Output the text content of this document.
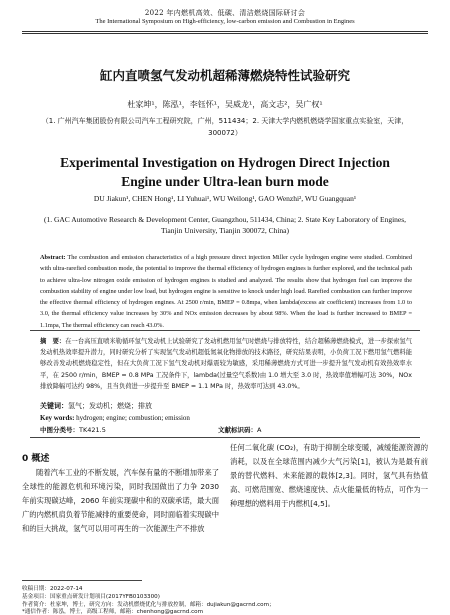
2022 年内燃机高效、低碳、清洁燃烧国际研讨会
The International Symposium on High-efficiency, low-carbon emission and Combustion in Engines
缸内直喷氢气发动机超稀薄燃烧特性试验研究
杜家坤¹，陈泓¹，李钰怀¹，吴威龙¹，高文志²，吴广权¹
（1. 广州汽车集团股份有限公司汽车工程研究院，广州，511434；2. 天津大学内燃机燃烧学国家重点实验室，天津，300072）
Experimental Investigation on Hydrogen Direct Injection Engine under Ultra-lean burn mode
DU Jiakun¹, CHEN Hong¹, LI Yuhuai¹, WU Weilong¹, GAO Wenzhi², WU Guangquan¹
(1. GAC Automotive Research & Development Center, Guangzhou, 511434, China; 2. State Key Laboratory of Engines, Tianjin University, Tianjin 300072, China)
Abstract: The combustion and emission characteristics of a high pressure direct injection Miller cycle hydrogen engine were studied. Combined with ultra-rarefied combustion mode, the potential to improve the thermal efficiency of hydrogen engines is further explored, and the technical path to achieve ultra-low nitrogen oxide emission of hydrogen engines is studied and analyzed. The results show that hydrogen fuel can improve the combustion stability of engine under low load, but hydrogen engine is sensitive to knock under high load. Rarefied combustion can further improve the effective thermal efficiency of hydrogen engines. At 2500 r/min, BMEP = 0.8mpa, when lambda(excess air coefficient) increases from 1.0 to 3.0, the thermal efficiency value increases by 30% and NOx emission decreases by about 98%. When the load is further increased to BMEP = 1.1mpa, The thermal efficiency can reach 43.0%.
摘　要：在一台高压直喷米勒循环氢气发动机上试验研究了发动机燃用氢气时燃烧与排放特性，结合超稀薄燃烧模式，进一步探索氢气发动机热效率提升潜力，同时研究分析了实现氢气发动机超低氮氧化物排放的技术路径，研究结果表明，小负荷工况下燃用氢气燃料能够改善发动机燃烧稳定性，但在大负荷工况下氢气发动机对爆震较为敏感，采用稀薄燃烧方式可进一步提升氢气发动机有效热效率水平，在 2500 r/min，BMEP = 0.8 MPa 工况条件下，lambda(过量空气系数)由 1.0 增大至 3.0 时，热效率值增幅可达 30%，NOx 排放降幅可达约 98%，且当负荷进一步提升至 BMEP = 1.1 MPa 时，热效率可达到 43.0%。
关键词：氢气；发动机；燃烧；排放
Key words: hydrogen; engine; combustion; emission
中图分类号：TK421.5	文献标识码：A
0 概述
随着汽车工业的不断发展，汽车保有量的不断增加带来了全球性的能源危机和环境污染，同时我国做出了力争 2030 年前实现碳达峰，2060 年前实现碳中和的双碳承诺，最大面广的内燃机肩负着节能减排的重要使命，同时面临着实现碳中和的巨大挑战，氢气可以用可再生的一次能源生产不排放
任何二氧化碳 (CO₂)，有助于抑制全球变暖，减缓能源资源的消耗，以及在全球范围内减少大气污染[1]，被认为是最有前景的替代燃料、未来能源的载体[2,3]。同时，氢气具有热值高、可燃范围宽、燃烧速度快、点火能量低的特点，可作为一种理想的燃料用于内燃机[4,5]。
收稿日期：2022-07-14
基金项目：国家重点研发计划项目(2017YFB0103300)
作者简介：杜家坤，博士，研究方向：发动机燃烧优化与排放控制，邮箱：dujiakun@gacrnd.com；
*通信作者：陈泓，博士，高级工程师，邮箱：chenhong@gacrnd.com
